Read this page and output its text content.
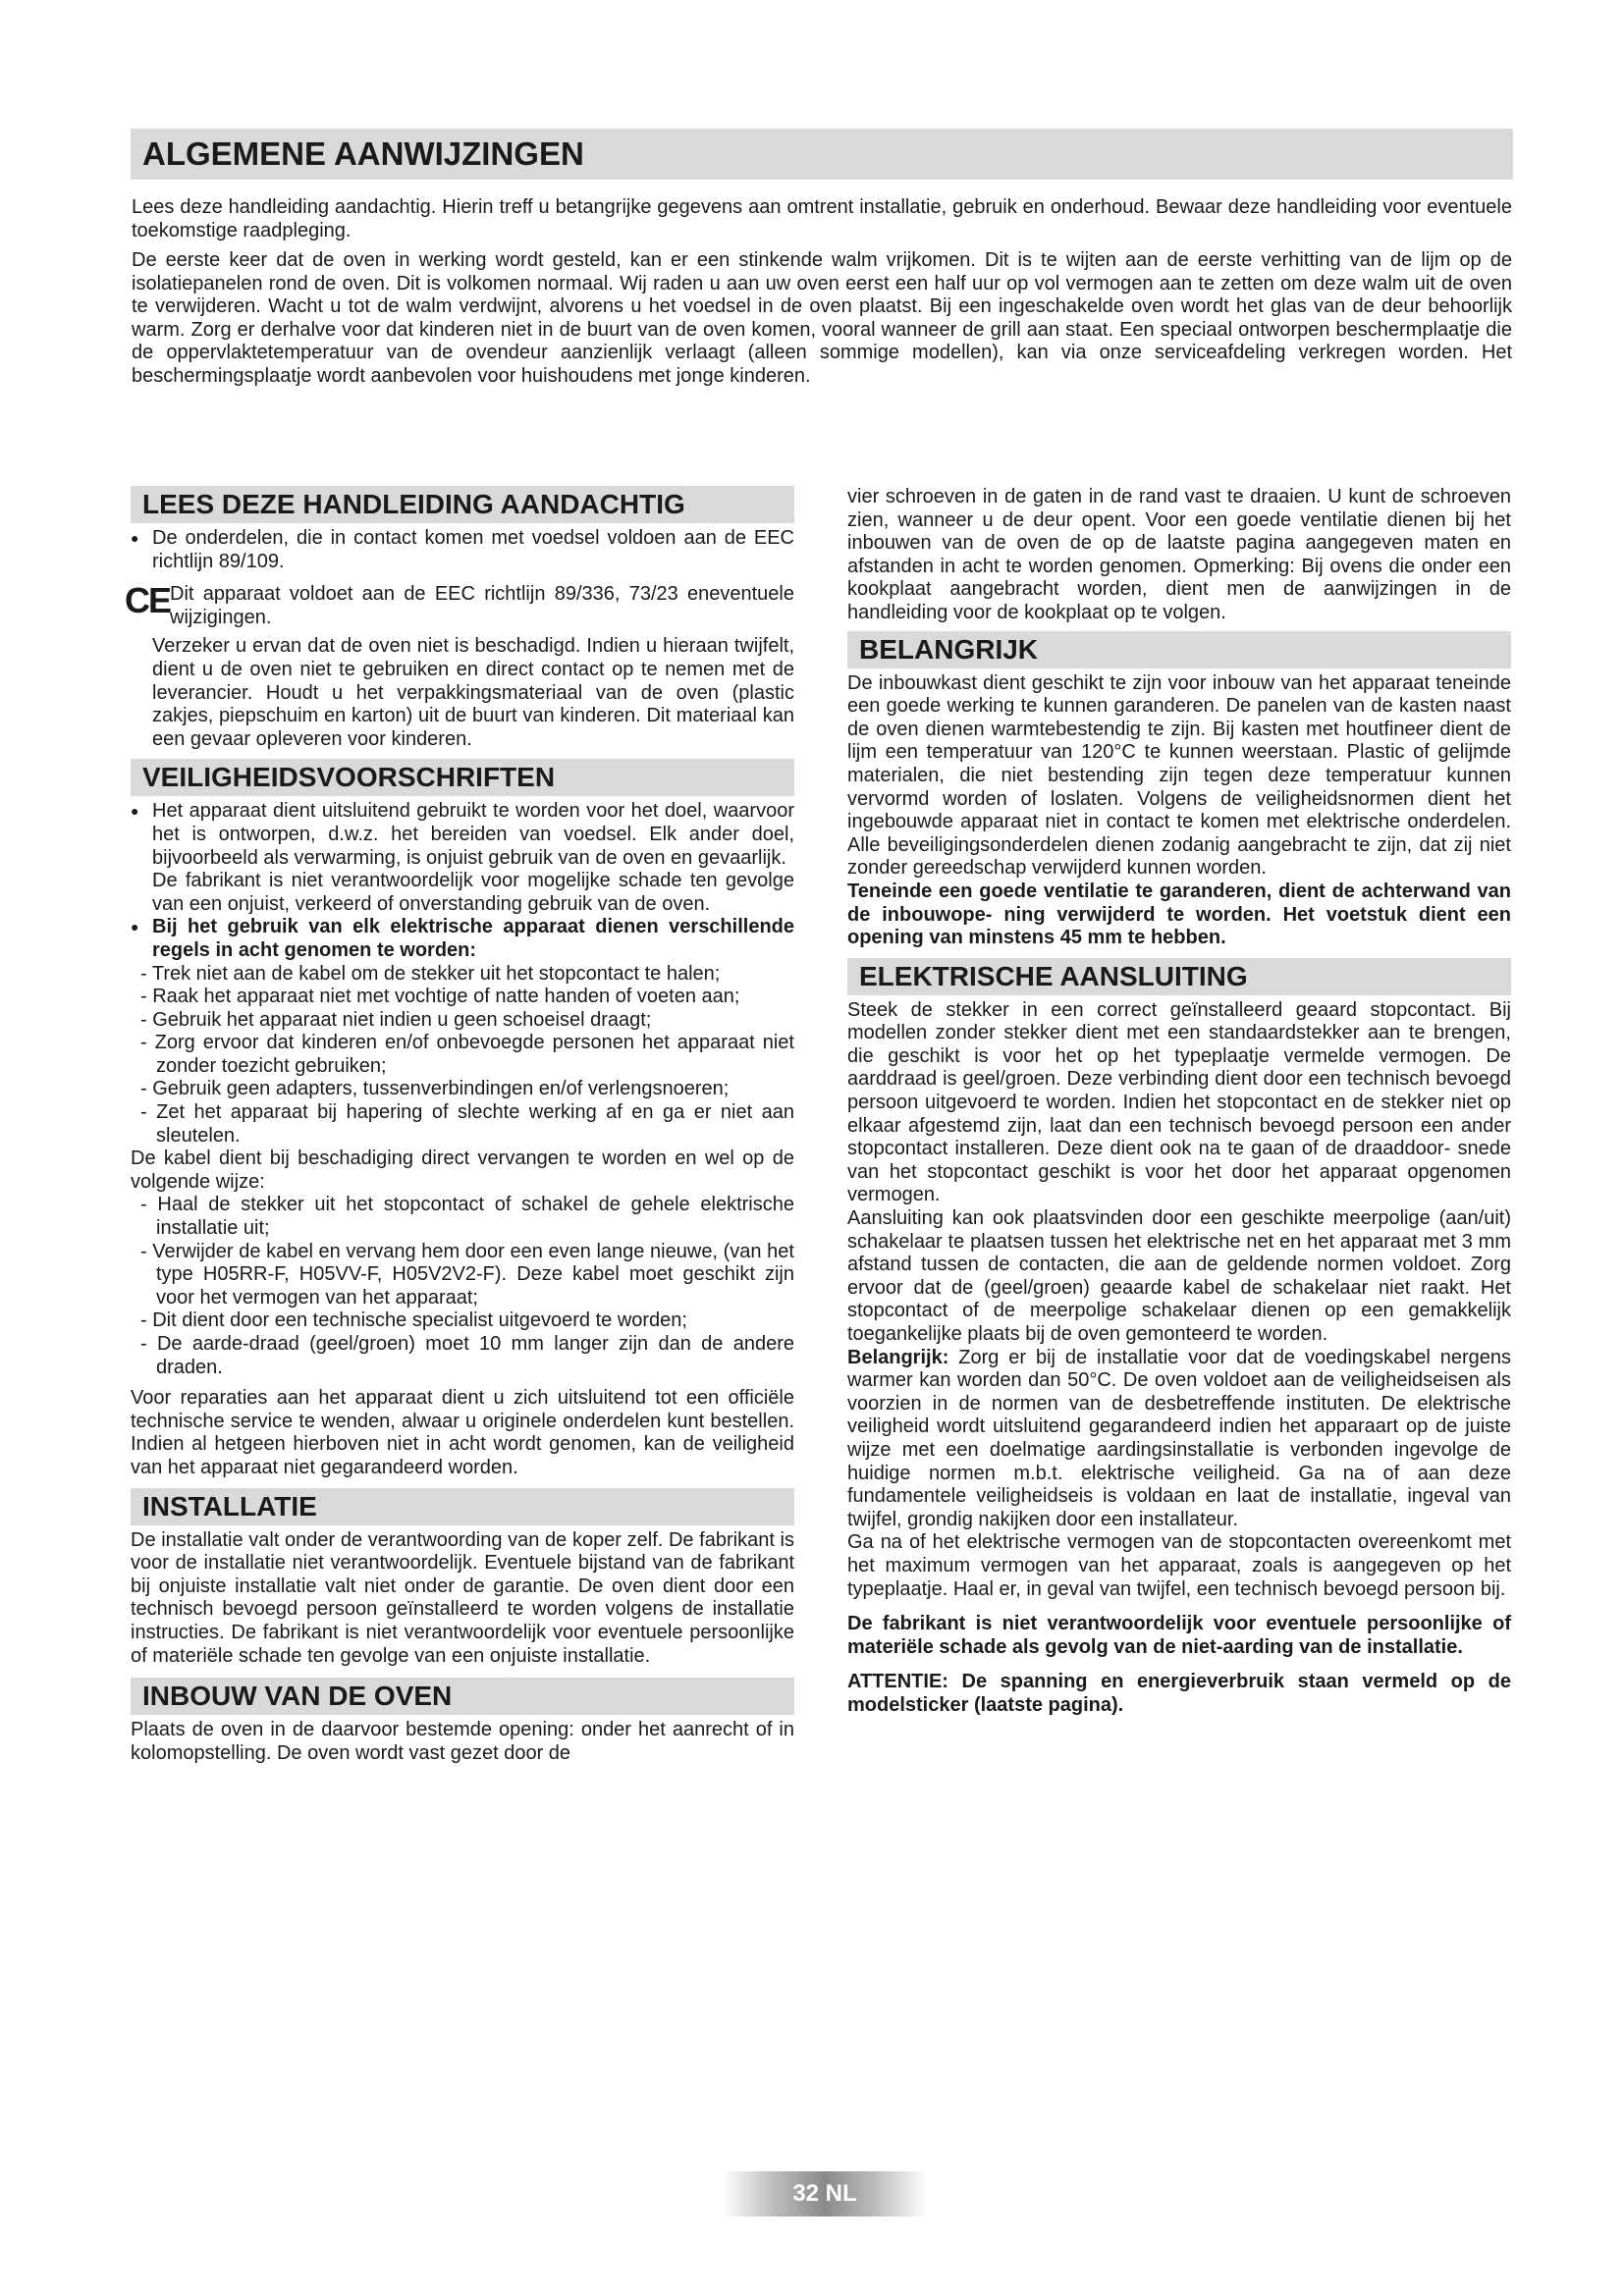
ALGEMENE AANWIJZINGEN

Lees deze handleiding aandachtig. Hierin treff u betangrijke gegevens aan omtrent installatie, gebruik en onderhoud. Bewaar deze handleiding voor eventuele toekomstige raadpleging.

De eerste keer dat de oven in werking wordt gesteld, kan er een stinkende walm vrijkomen. Dit is te wijten aan de eerste verhitting van de lijm op de isolatiepanelen rond de oven. Dit is volkomen normaal. Wij raden u aan uw oven eerst een half uur op vol vermogen aan te zetten om deze walm uit de oven te verwijderen. Wacht u tot de walm verdwijnt, alvorens u het voedsel in de oven plaatst. Bij een ingeschakelde oven wordt het glas van de deur behoorlijk warm. Zorg er derhalve voor dat kinderen niet in de buurt van de oven komen, vooral wanneer de grill aan staat. Een speciaal ontworpen beschermplaatje die de oppervlaktetemperatuur van de ovendeur aanzienlijk verlaagt (alleen sommige modellen), kan via onze serviceafdeling verkregen worden. Het beschermingsplaatje wordt aanbevolen voor huishoudens met jonge kinderen.

LEES DEZE HANDLEIDING AANDACHTIG

● De onderdelen, die in contact komen met voedsel voldoen aan de EEC richtlijn 89/109.

CE Dit apparaat voldoet aan de EEC richtlijn 89/336, 73/23 eneventuele wijzigingen.

Verzeker u ervan dat de oven niet is beschadigd. Indien u hieraan twijfelt, dient u de oven niet te gebruiken en direct contact op te nemen met de leverancier. Houdt u het verpakkingsmateriaal van de oven (plastic zakjes, piepschuim en karton) uit de buurt van kinderen. Dit materiaal kan een gevaar opleveren voor kinderen.

VEILIGHEIDSVOORSCHRIFTEN

● Het apparaat dient uitsluitend gebruikt te worden voor het doel, waarvoor het is ontworpen, d.w.z. het bereiden van voedsel. Elk ander doel, bijvoorbeeld als verwarming, is onjuist gebruik van de oven en gevaarlijk.

De fabrikant is niet verantwoordelijk voor mogelijke schade ten gevolge van een onjuist, verkeerd of onverstanding gebruik van de oven.

● Bij het gebruik van elk elektrische apparaat dienen verschillende regels in acht genomen te worden:

- Trek niet aan de kabel om de stekker uit het stopcontact te halen;

- Raak het apparaat niet met vochtige of natte handen of voeten aan;

- Gebruik het apparaat niet indien u geen schoeisel draagt;

- Zorg ervoor dat kinderen en/of onbevoegde personen het apparaat niet zonder toezicht gebruiken;

- Gebruik geen adapters, tussenverbindingen en/of verlengsnoeren;

- Zet het apparaat bij hapering of slechte werking af en ga er niet aan sleutelen.

De kabel dient bij beschadiging direct vervangen te worden en wel op de volgende wijze:

- Haal de stekker uit het stopcontact of schakel de gehele elektrische installatie uit;

- Verwijder de kabel en vervang hem door een even lange nieuwe, (van het type H05RR-F, H05VV-F, H05V2V2-F). Deze kabel moet geschikt zijn voor het vermogen van het apparaat;

- Dit dient door een technische specialist uitgevoerd te worden;

- De aarde-draad (geel/groen) moet 10 mm langer zijn dan de andere draden.

Voor reparaties aan het apparaat dient u zich uitsluitend tot een officiële technische service te wenden, alwaar u originele onderdelen kunt bestellen. Indien al hetgeen hierboven niet in acht wordt genomen, kan de veiligheid van het apparaat niet gegarandeerd worden.

INSTALLATIE

De installatie valt onder de verantwoording van de koper zelf. De fabrikant is voor de installatie niet verantwoordelijk. Eventuele bijstand van de fabrikant bij onjuiste installatie valt niet onder de garantie. De oven dient door een technisch bevoegd persoon geïnstalleerd te worden volgens de installatie instructies. De fabrikant is niet verantwoordelijk voor eventuele persoonlijke of materiële schade ten gevolge van een onjuiste installatie.

INBOUW VAN DE OVEN

Plaats de oven in de daarvoor bestemde opening: onder het aanrecht of in kolomopstelling. De oven wordt vast gezet door de

vier schroeven in de gaten in de rand vast te draaien. U kunt de schroeven zien, wanneer u de deur opent. Voor een goede ventilatie dienen bij het inbouwen van de oven de op de laatste pagina aangegeven maten en afstanden in acht te worden genomen. Opmerking: Bij ovens die onder een kookplaat aangebracht worden, dient men de aanwijzingen in de handleiding voor de kookplaat op te volgen.

BELANGRIJK

De inbouwkast dient geschikt te zijn voor inbouw van het apparaat teneinde een goede werking te kunnen garanderen. De panelen van de kasten naast de oven dienen warmtebestendig te zijn. Bij kasten met houtfineer dient de lijm een temperatuur van 120°C te kunnen weerstaan. Plastic of gelijmde materialen, die niet bestending zijn tegen deze temperatuur kunnen vervormd worden of loslaten. Volgens de veiligheidsnormen dient het ingebouwde apparaat niet in contact te komen met elektrische onderdelen. Alle beveiligingsonderdelen dienen zodanig aangebracht te zijn, dat zij niet zonder gereedschap verwijderd kunnen worden.

Teneinde een goede ventilatie te garanderen, dient de achterwand van de inbouwope- ning verwijderd te worden. Het voetstuk dient een opening van minstens 45 mm te hebben.

ELEKTRISCHE AANSLUITING

Steek de stekker in een correct geïnstalleerd geaard stopcontact. Bij modellen zonder stekker dient met een standaardstekker aan te brengen, die geschikt is voor het op het typeplaatje vermelde vermogen. De aarddraad is geel/groen. Deze verbinding dient door een technisch bevoegd persoon uitgevoerd te worden. Indien het stopcontact en de stekker niet op elkaar afgestemd zijn, laat dan een technisch bevoegd persoon een ander stopcontact installeren. Deze dient ook na te gaan of de draaddoor- snede van het stopcontact geschikt is voor het door het apparaat opgenomen vermogen.

Aansluiting kan ook plaatsvinden door een geschikte meerpolige (aan/uit) schakelaar te plaatsen tussen het elektrische net en het apparaat met 3 mm afstand tussen de contacten, die aan de geldende normen voldoet. Zorg ervoor dat de (geel/groen) geaarde kabel de schakelaar niet raakt. Het stopcontact of de meerpolige schakelaar dienen op een gemakkelijk toegankelijke plaats bij de oven gemonteerd te worden.

Belangrijk: Zorg er bij de installatie voor dat de voedingskabel nergens warmer kan worden dan 50°C. De oven voldoet aan de veiligheidseisen als voorzien in de normen van de desbetreffende instituten. De elektrische veiligheid wordt uitsluitend gegarandeerd indien het apparaart op de juiste wijze met een doelmatige aardingsinstallatie is verbonden ingevolge de huidige normen m.b.t. elektrische veiligheid. Ga na of aan deze fundamentele veiligheidseis is voldaan en laat de installatie, ingeval van twijfel, grondig nakijken door een installateur.

Ga na of het elektrische vermogen van de stopcontacten overeenkomt met het maximum vermogen van het apparaat, zoals is aangegeven op het typeplaatje. Haal er, in geval van twijfel, een technisch bevoegd persoon bij.

De fabrikant is niet verantwoordelijk voor eventuele persoonlijke of materiële schade als gevolg van de niet-aarding van de installatie.

ATTENTIE: De spanning en energieverbruik staan vermeld op de modelsticker (laatste pagina).

32 NL
